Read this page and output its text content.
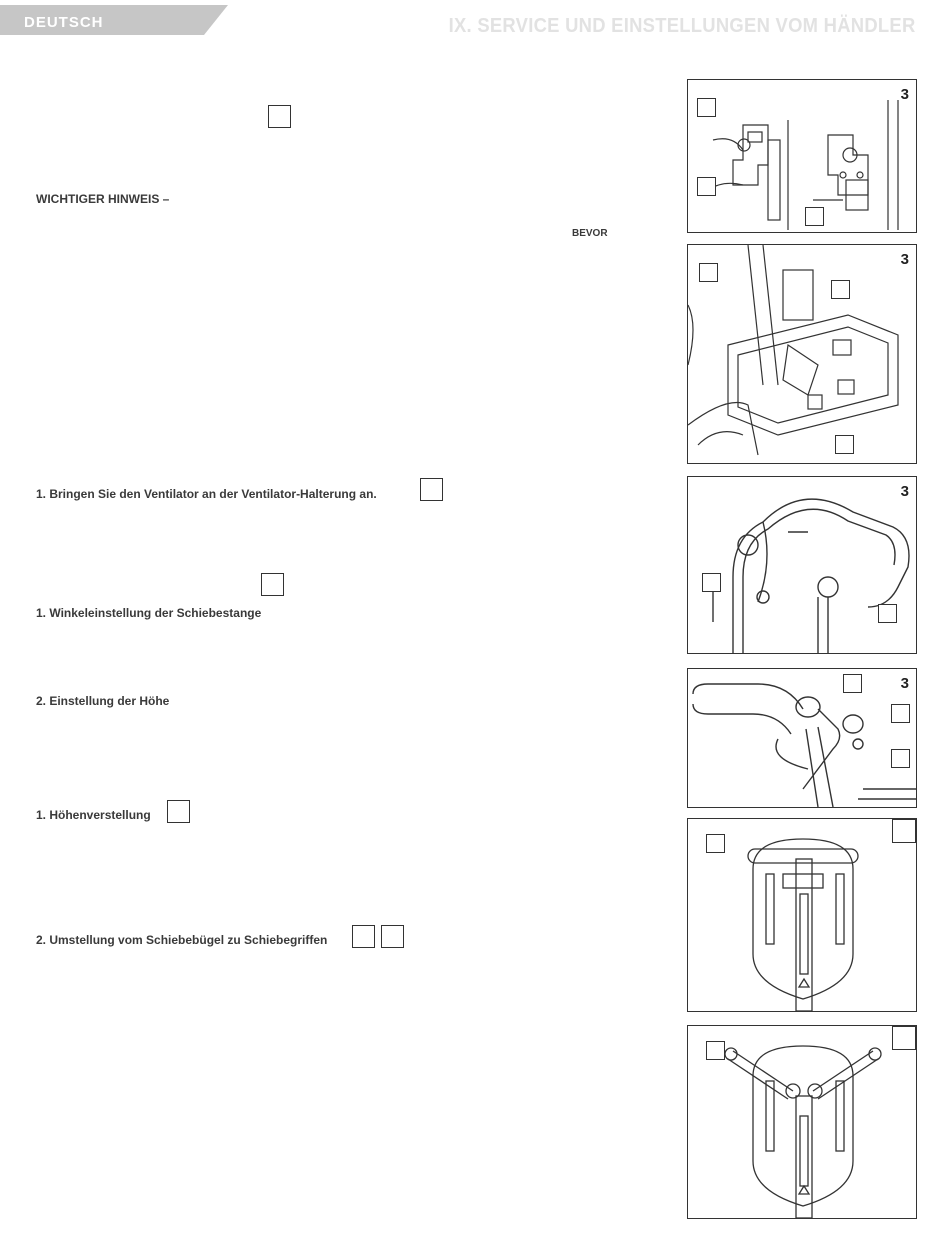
DEUTSCH	IX. SERVICE UND EINSTELLUNGEN VOM HÄNDLER
WICHTIGER HINWEIS –
BEVOR
1. Bringen Sie den Ventilator an der Ventilator-Halterung an.
1. Winkeleinstellung der Schiebestange
2. Einstellung der Höhe
1. Höhenverstellung
2. Umstellung vom Schiebebügel zu Schiebegriffen
3
3
3
3
